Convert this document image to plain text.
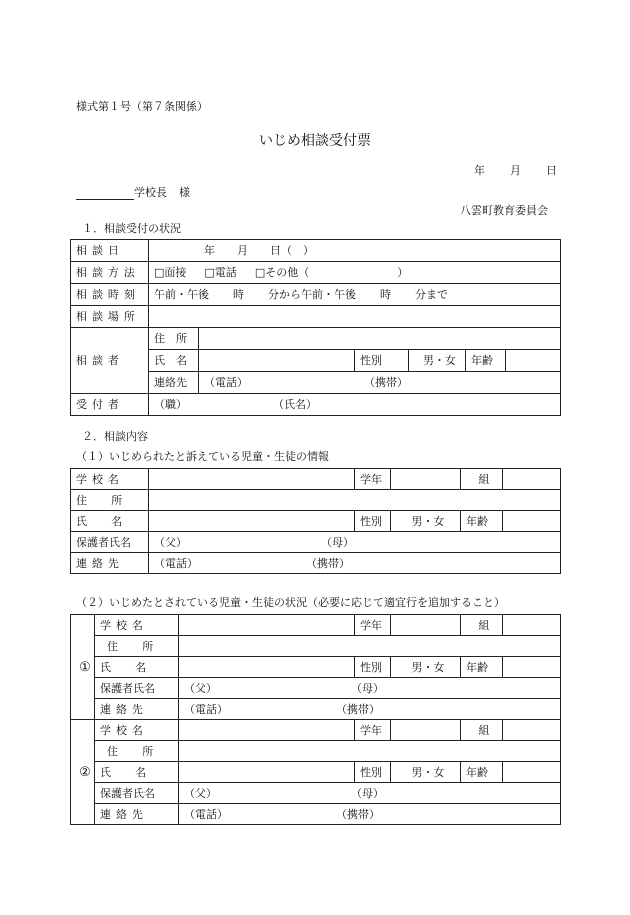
様式第１号（第７条関係）
いじめ相談受付票
年 月 日
学校長 様
八雲町教育委員会
１．相談受付の状況
相談日	年 月 日（　）					
相談方法	□面接 □電話 □その他（ ）					
相談時刻	午前・午後 時 分から午前・午後 時 分まで					
相談場所						
相談者	住　所					
	氏　名		性別	男・女	年齢	
	連絡先	（電話） （携帯）				
受付者	（職） （氏名）					
２．相談内容
（１）いじめられたと訴えている児童・生徒の情報
学校名		学年		組	
住所					
氏名		性別	男・女	年齢	
保護者氏名	（父） （母）				
連絡先	（電話） （携帯）				
（２）いじめたとされている児童・生徒の状況（必要に応じて適宜行を追加すること）
①	学校名		学年		組	
	住所					
	氏名		性別	男・女	年齢	
	保護者氏名	（父） （母）				
	連絡先	（電話） （携帯）				
②	学校名		学年		組	
	住所					
	氏名		性別	男・女	年齢	
	保護者氏名	（父） （母）				
	連絡先	（電話） （携帯）				
